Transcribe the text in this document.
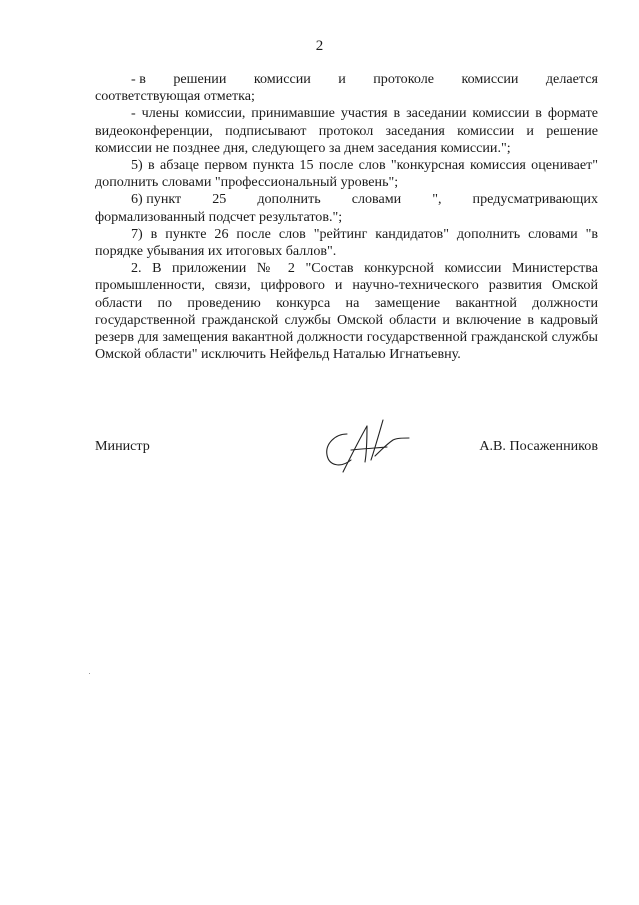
2
- в решении комиссии и протоколе комиссии делается
соответствующая отметка;

- члены комиссии, принимавшие участия в заседании комиссии в формате видеоконференции, подписывают протокол заседания комиссии и решение комиссии не позднее дня, следующего за днем заседания комиссии.";

5) в абзаце первом пункта 15 после слов "конкурсная комиссия оценивает" дополнить словами "профессиональный уровень";

6) пункт 25 дополнить словами ", предусматривающих
формализованный подсчет результатов.";

7) в пункте 26 после слов "рейтинг кандидатов" дополнить словами "в порядке убывания их итоговых баллов".

2. В приложении № 2 "Состав конкурсной комиссии Министерства промышленности, связи, цифрового и научно-технического развития Омской области по проведению конкурса на замещение вакантной должности государственной гражданской службы Омской области и включение в кадровый резерв для замещения вакантной должности государственной гражданской службы Омской области" исключить Нейфельд Наталью Игнатьевну.

Министр	А.В. Посаженников
